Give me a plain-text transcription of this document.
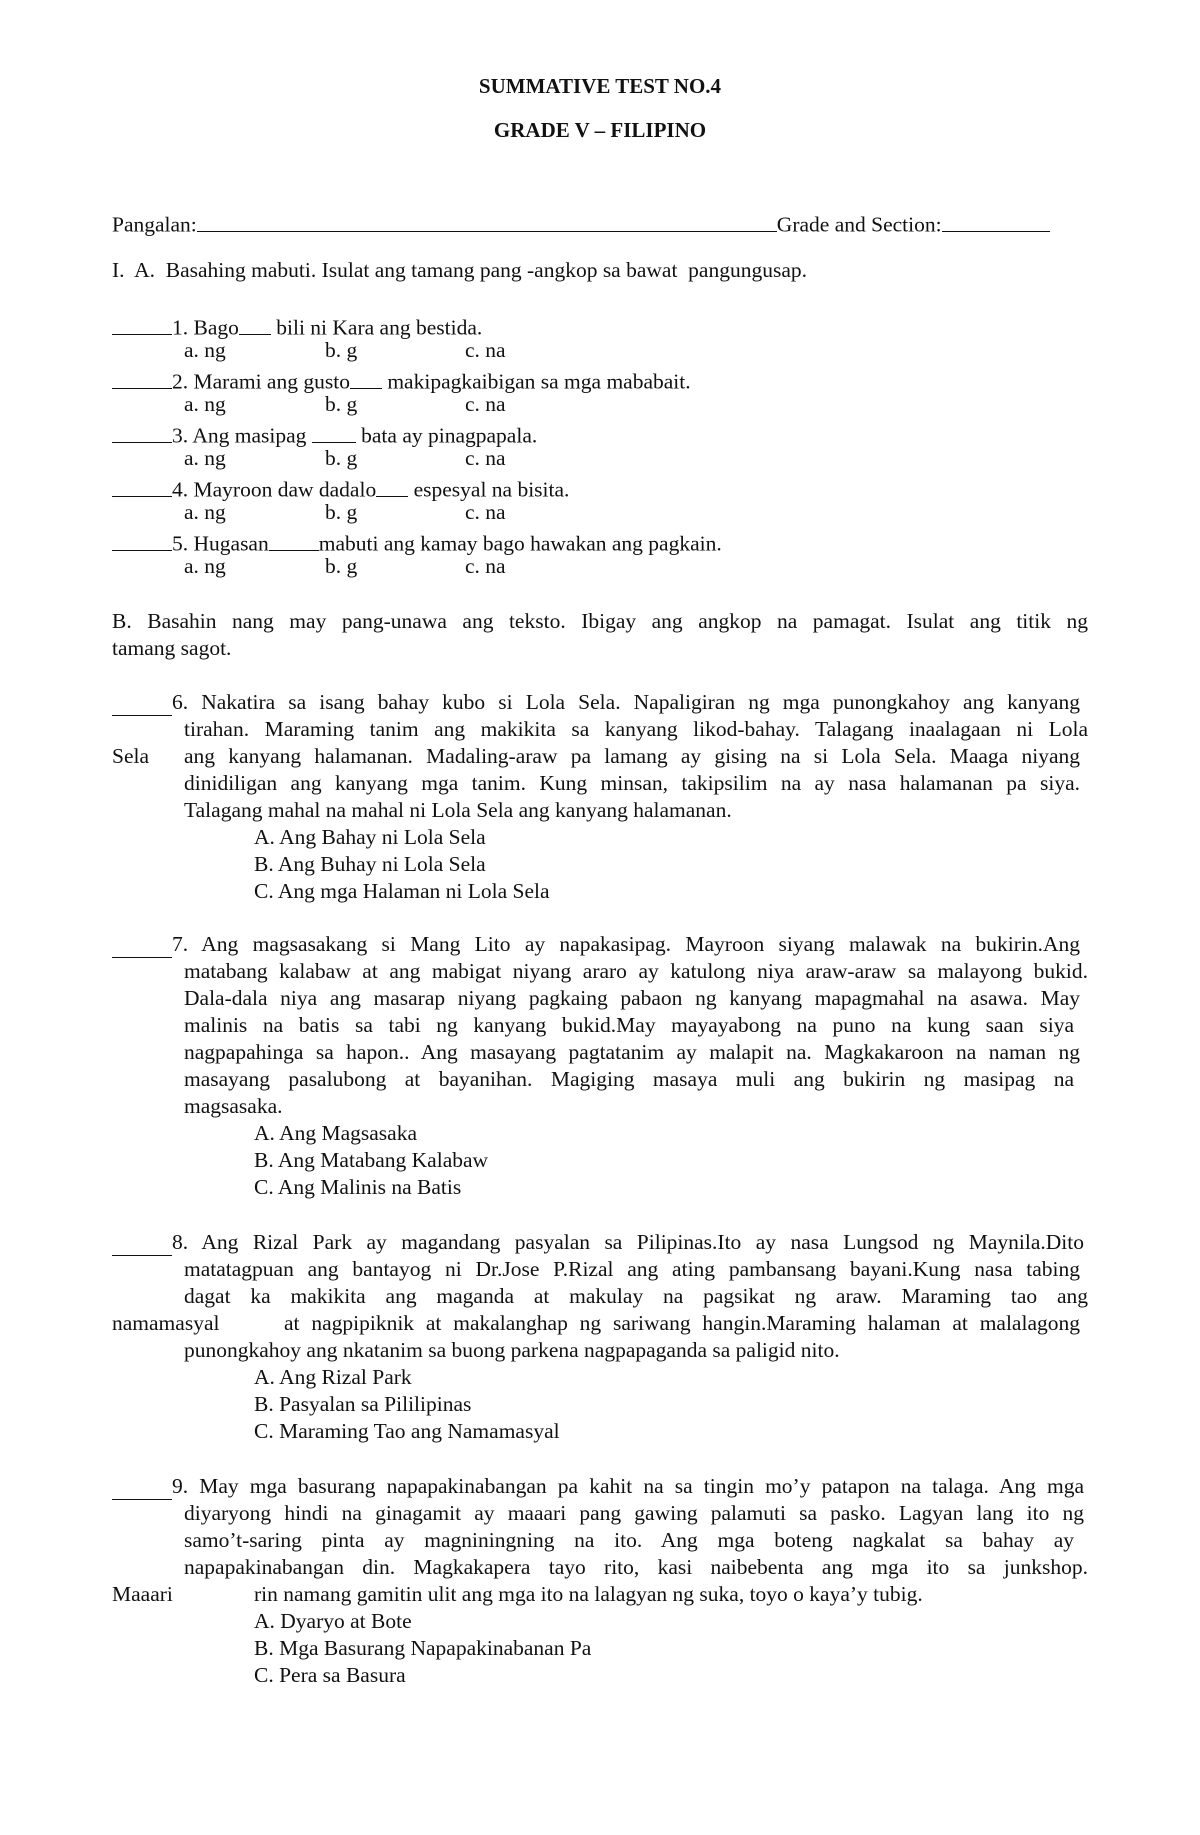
SUMMATIVE TEST NO.4
GRADE V – FILIPINO
Pangalan:	Grade and Section:
I.  A.  Basahing mabuti. Isulat ang tamang pang -angkop sa bawat  pangungusap.
1. Bago bili ni Kara ang bestida.
a. ng	b. g	c. na
2. Marami ang gusto makipagkaibigan sa mga mababait.
a. ng	b. g	c. na
3. Ang masipag	bata ay pinagpapala.
a. ng	b. g	c. na
4. Mayroon daw dadalo espesyal na bisita.
a. ng	b. g	c. na
5. Hugasan mabuti ang kamay bago hawakan ang pagkain.
a. ng	b. g	c. na
B. Basahin nang may pang-unawa ang teksto. Ibigay ang angkop na pamagat. Isulat ang titik ng
tamang sagot.
6. Nakatira sa isang bahay kubo si Lola Sela. Napaligiran ng mga punongkahoy ang kanyang
tirahan. Maraming tanim ang makikita sa kanyang likod-bahay. Talagang inaalagaan ni Lola
Sela ang kanyang halamanan. Madaling-araw pa lamang ay gising na si Lola Sela. Maaga niyang
dinidiligan ang kanyang mga tanim. Kung minsan, takipsilim na ay nasa halamanan pa siya.
Talagang mahal na mahal ni Lola Sela ang kanyang halamanan.
A. Ang Bahay ni Lola Sela
B. Ang Buhay ni Lola Sela
C. Ang mga Halaman ni Lola Sela
7. Ang magsasakang si Mang Lito ay napakasipag. Mayroon siyang malawak na bukirin.Ang
matabang kalabaw at ang mabigat niyang araro ay katulong niya araw-araw sa malayong bukid.
Dala-dala niya ang masarap niyang pagkaing pabaon ng kanyang mapagmahal na asawa. May
malinis na batis sa tabi ng kanyang bukid.May mayayabong na puno na kung saan siya
nagpapahinga sa hapon.. Ang masayang pagtatanim ay malapit na. Magkakaroon na naman ng
masayang pasalubong at bayanihan. Magiging masaya muli ang bukirin ng masipag na
magsasaka.
A. Ang Magsasaka
B. Ang Matabang Kalabaw
C. Ang Malinis na Batis
8. Ang Rizal Park ay magandang pasyalan sa Pilipinas.Ito ay nasa Lungsod ng Maynila.Dito
matatagpuan ang bantayog ni Dr.Jose P.Rizal ang ating pambansang bayani.Kung nasa tabing
dagat ka makikita ang maganda at makulay na pagsikat ng araw. Maraming tao ang
namamasyal	at nagpipiknik at makalanghap ng sariwang hangin.Maraming halaman at malalagong
punongkahoy ang nkatanim sa buong parkena nagpapaganda sa paligid nito.
A. Ang Rizal Park
B. Pasyalan sa Pililipinas
C. Maraming Tao ang Namamasyal
9. May mga basurang napapakinabangan pa kahit na sa tingin mo’y patapon na talaga. Ang mga
diyaryong hindi na ginagamit ay maaari pang gawing palamuti sa pasko. Lagyan lang ito ng
samo’t-saring pinta ay magniningning na ito. Ang mga boteng nagkalat sa bahay ay
napapakinabangan din. Magkakapera tayo rito, kasi naibebenta ang mga ito sa junkshop.
Maaari	rin namang gamitin ulit ang mga ito na lalagyan ng suka, toyo o kaya’y tubig.
A. Dyaryo at Bote
B. Mga Basurang Napapakinabanan Pa
C. Pera sa Basura
